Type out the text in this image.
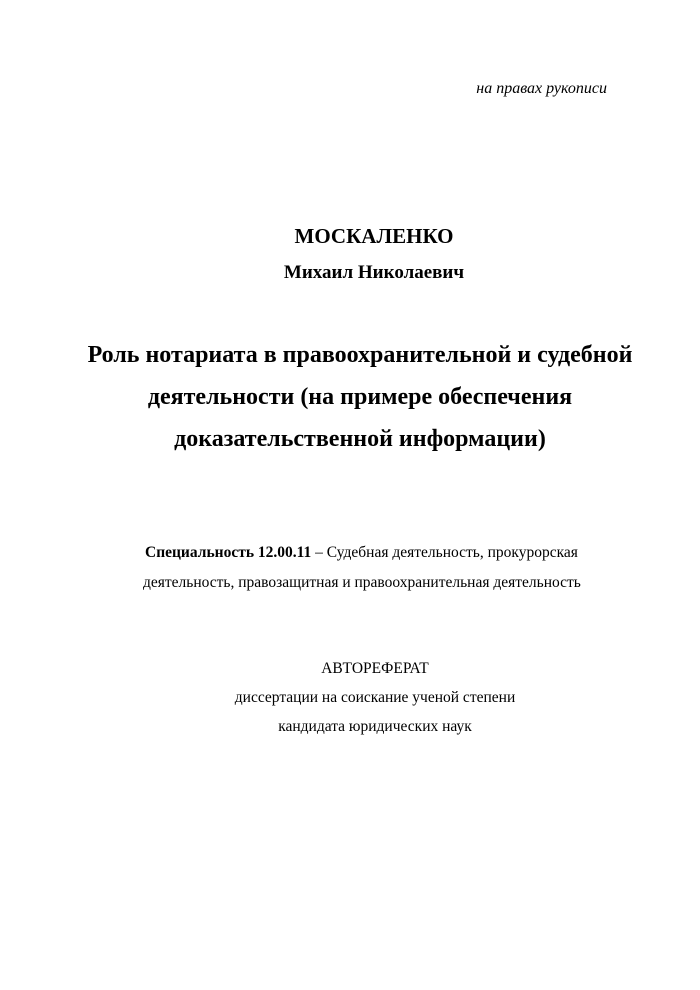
на правах рукописи
МОСКАЛЕНКО
Михаил Николаевич
Роль нотариата в правоохранительной и судебной
деятельности (на примере обеспечения
доказательственной информации)
Специальность 12.00.11 – Судебная деятельность, прокурорская
деятельность, правозащитная и правоохранительная деятельность
АВТОРЕФЕРАТ
диссертации на соискание ученой степени
кандидата юридических наук
